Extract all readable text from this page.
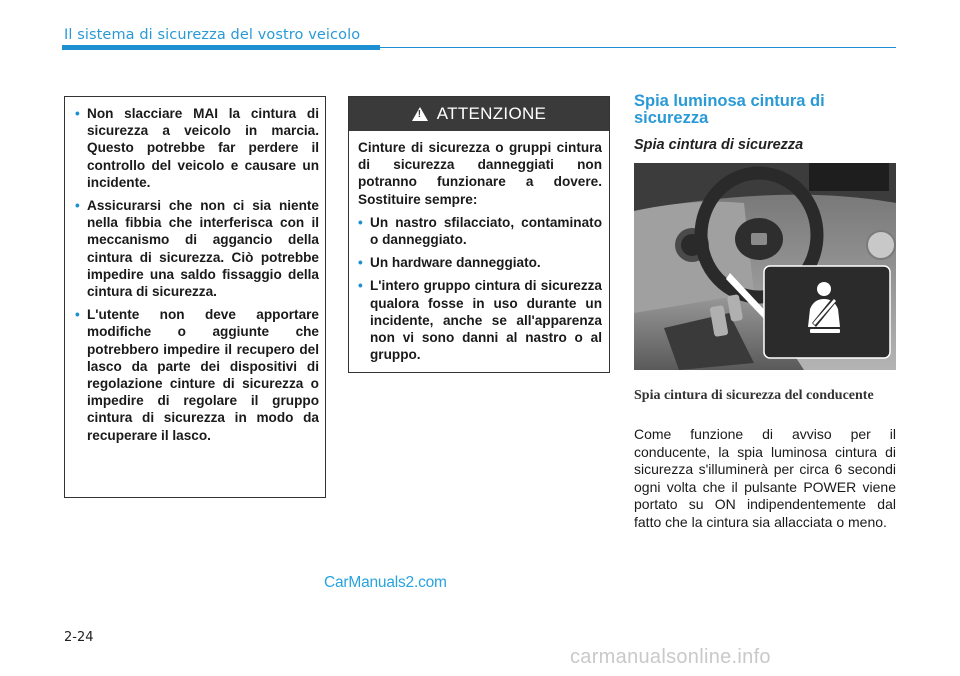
Il sistema di sicurezza del vostro veicolo
• Non slacciare MAI la cintura di sicurezza a veicolo in marcia. Questo potrebbe far perdere il controllo del veicolo e causare un incidente.
• Assicurarsi che non ci sia niente nella fibbia che interferisca con il meccanismo di aggancio della cintura di sicurezza. Ciò potrebbe impedire una saldo fissaggio della cintura di sicurezza.
• L'utente non deve apportare modifiche o aggiunte che potrebbero impedire il recupero del lasco da parte dei dispositivi di regolazione cinture di sicurezza o impedire di regolare il gruppo cintura di sicurezza in modo da recuperare il lasco.
!
ATTENZIONE

Cinture di sicurezza o gruppi cintura di sicurezza danneggiati non potranno funzionare a dovere. Sostituire sempre:

• Un nastro sfilacciato, contaminato o danneggiato.
• Un hardware danneggiato.
• L'intero gruppo cintura di sicurezza qualora fosse in uso durante un incidente, anche se all'apparenza non vi sono danni al nastro o al gruppo.
Spia luminosa cintura di sicurezza
Spia cintura di sicurezza
Spia cintura di sicurezza del conducente
Come funzione di avviso per il conducente, la spia luminosa cintura di sicurezza s'illuminerà per circa 6 secondi ogni volta che il pulsante POWER viene portato su ON indipendentemente dal fatto che la cintura sia allacciata o meno.
CarManuals2.com
2-24
carmanualsonline.info
